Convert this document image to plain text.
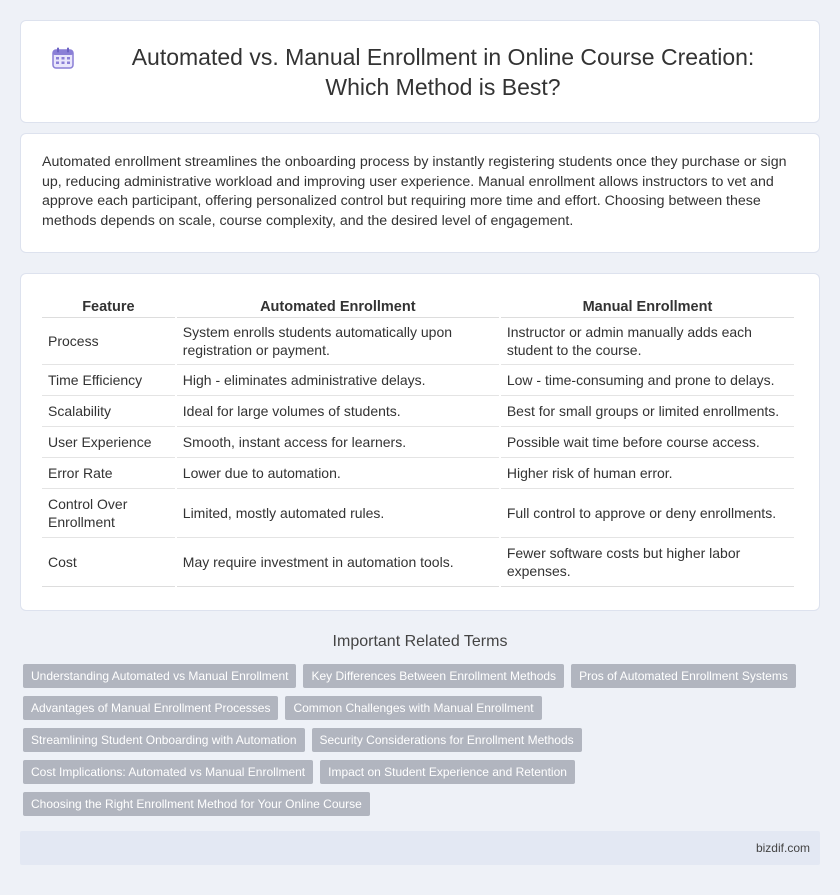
Automated vs. Manual Enrollment in Online Course Creation: Which Method is Best?

Automated enrollment streamlines the onboarding process by instantly registering students once they purchase or sign up, reducing administrative workload and improving user experience. Manual enrollment allows instructors to vet and approve each participant, offering personalized control but requiring more time and effort. Choosing between these methods depends on scale, course complexity, and the desired level of engagement.

Feature	Automated Enrollment	Manual Enrollment
Process	System enrolls students automatically upon registration or payment.	Instructor or admin manually adds each student to the course.
Time Efficiency	High - eliminates administrative delays.	Low - time-consuming and prone to delays.
Scalability	Ideal for large volumes of students.	Best for small groups or limited enrollments.
User Experience	Smooth, instant access for learners.	Possible wait time before course access.
Error Rate	Lower due to automation.	Higher risk of human error.
Control Over Enrollment	Limited, mostly automated rules.	Full control to approve or deny enrollments.
Cost	May require investment in automation tools.	Fewer software costs but higher labor expenses.
Important Related Terms
Understanding Automated vs Manual Enrollment	Key Differences Between Enrollment Methods	Pros of Automated Enrollment Systems
Advantages of Manual Enrollment Processes	Common Challenges with Manual Enrollment
Streamlining Student Onboarding with Automation	Security Considerations for Enrollment Methods
Cost Implications: Automated vs Manual Enrollment	Impact on Student Experience and Retention
Choosing the Right Enrollment Method for Your Online Course
bizdif.com
